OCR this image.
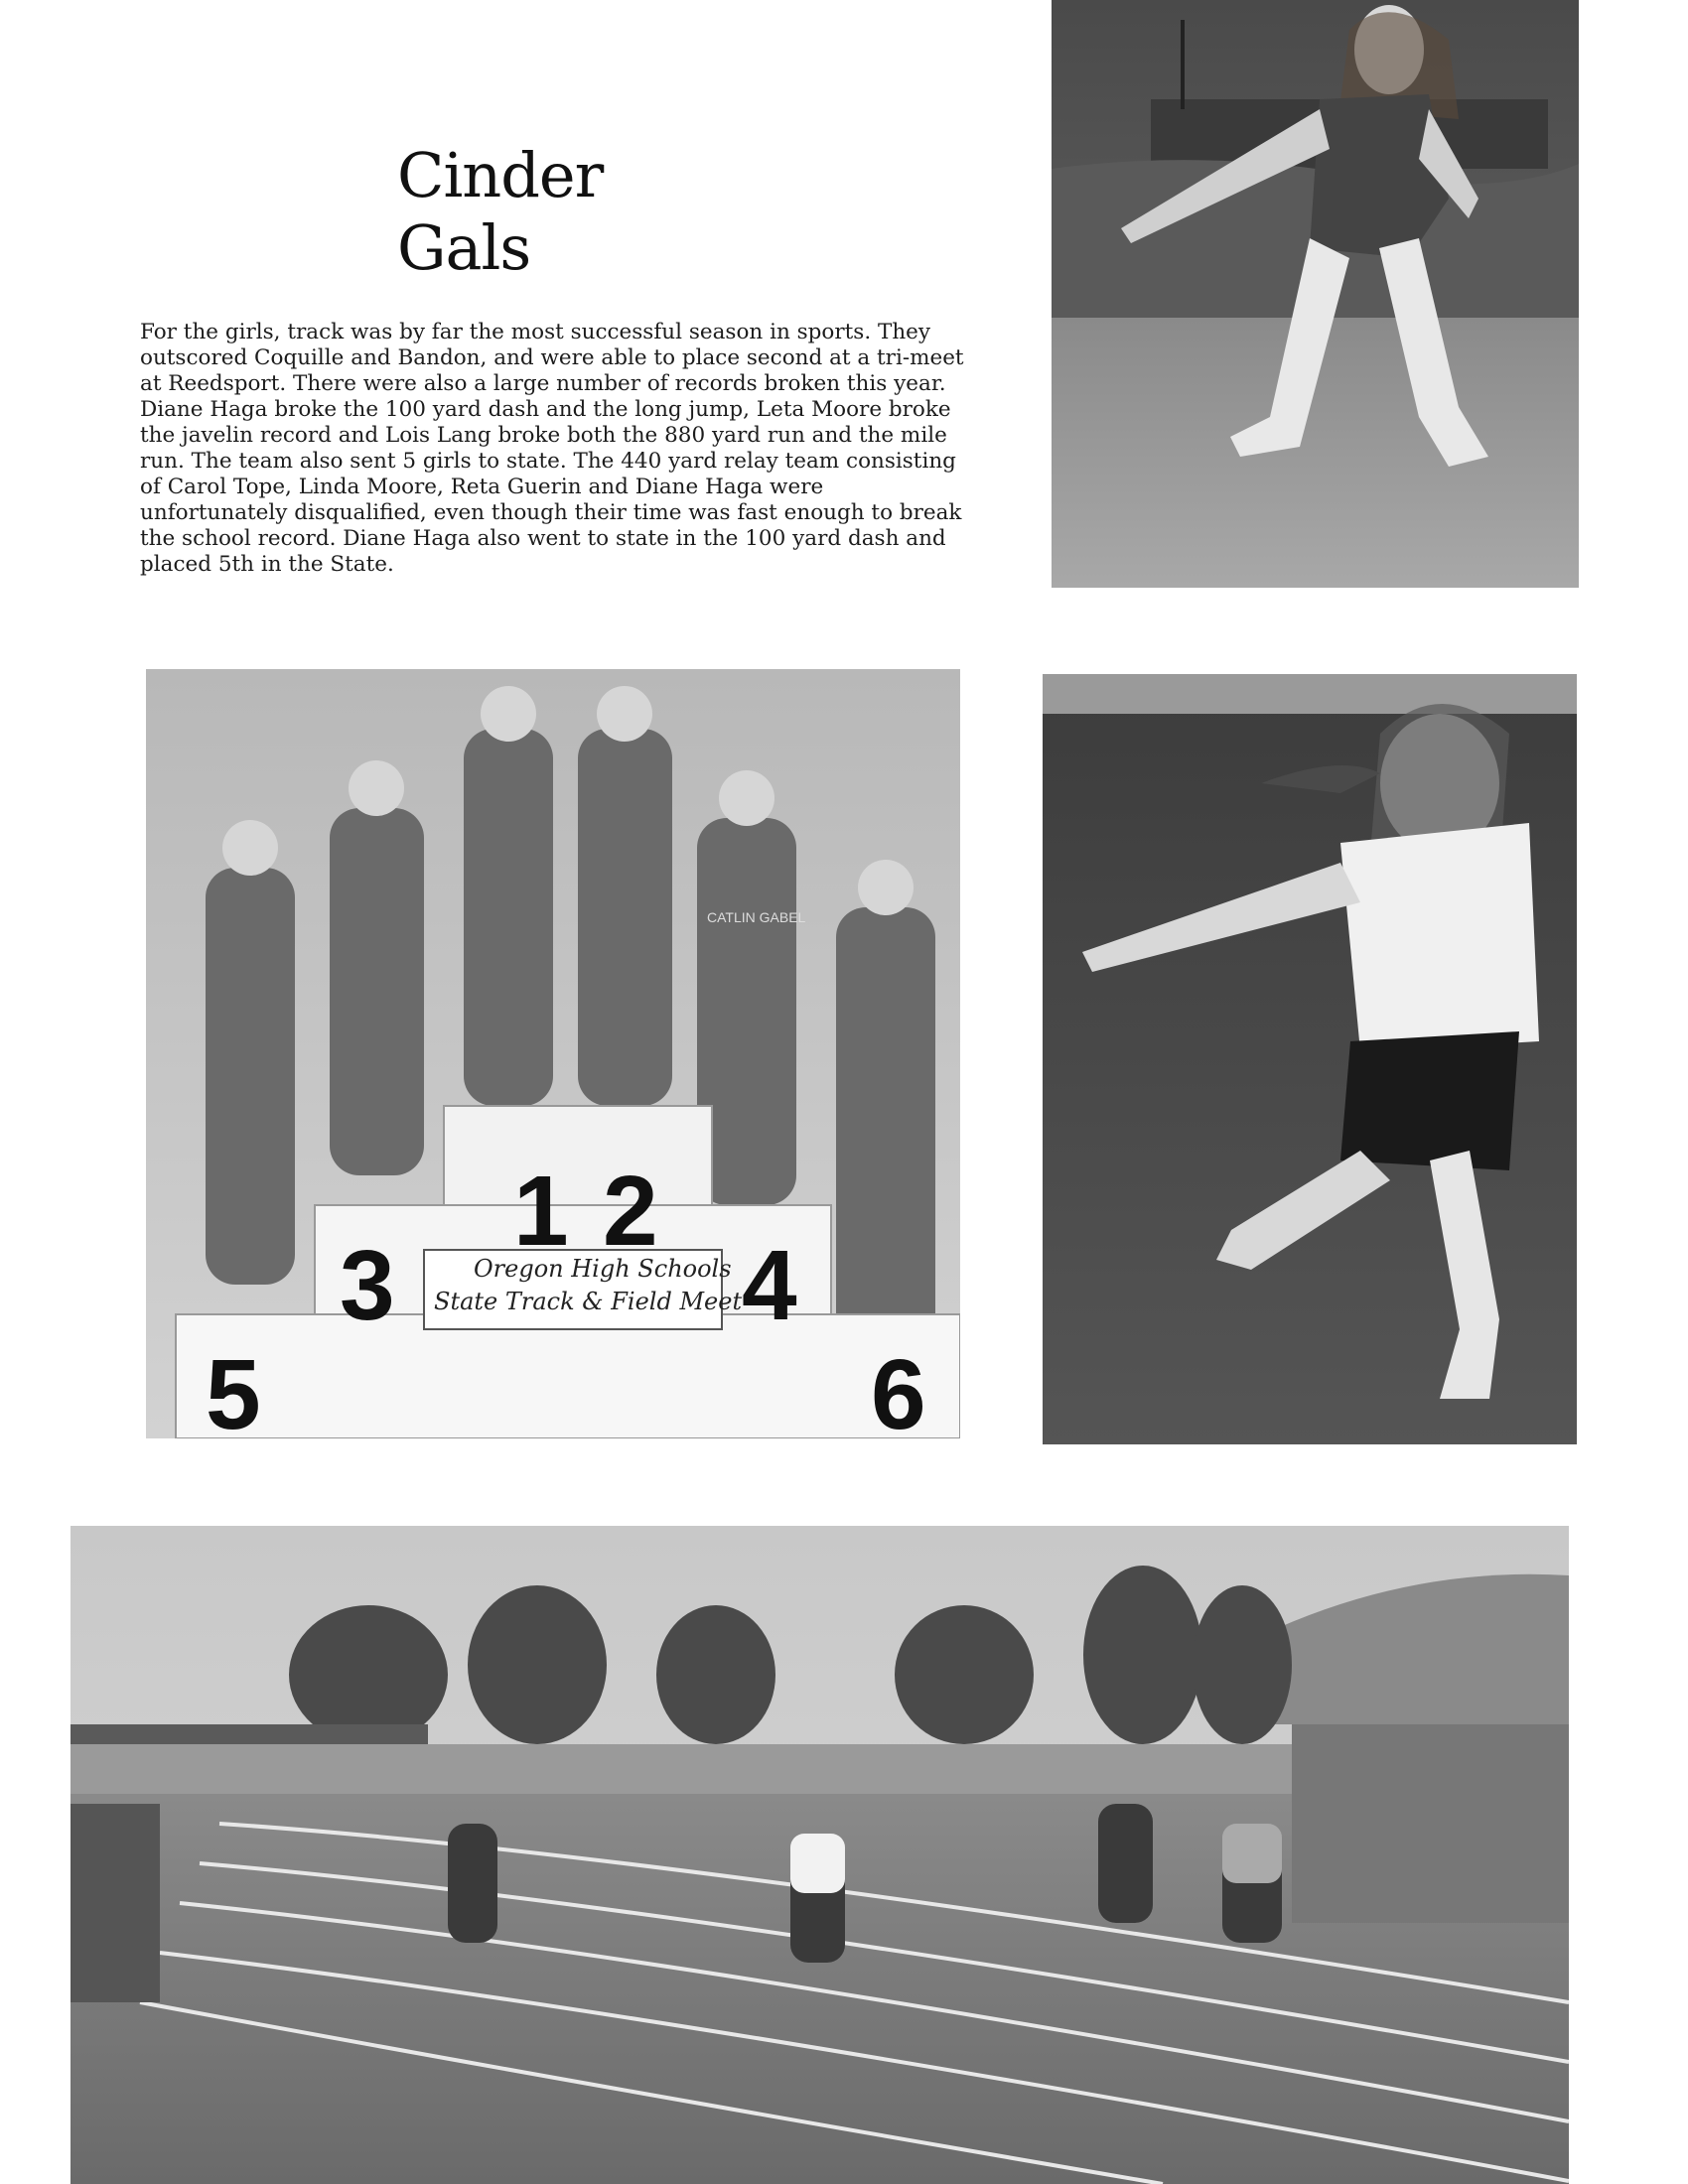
Cinder Gals

For the girls, track was by far the most successful season in sports. They outscored Coquille and Bandon, and were able to place second at a tri-meet at Reedsport. There were also a large number of records broken this year. Diane Haga broke the 100 yard dash and the long jump, Leta Moore broke the javelin record and Lois Lang broke both the 880 yard run and the mile run. The team also sent 5 girls to state. The 440 yard relay team consisting of Carol Tope, Linda Moore, Reta Guerin and Diane Haga were unfortunately disqualified, even though their time was fast enough to break the school record. Diane Haga also went to state in the 100 yard dash and placed 5th in the State.

1 2
3	4
5	6
Oregon High Schools
State Track & Field Meet
CATLIN GABEL
